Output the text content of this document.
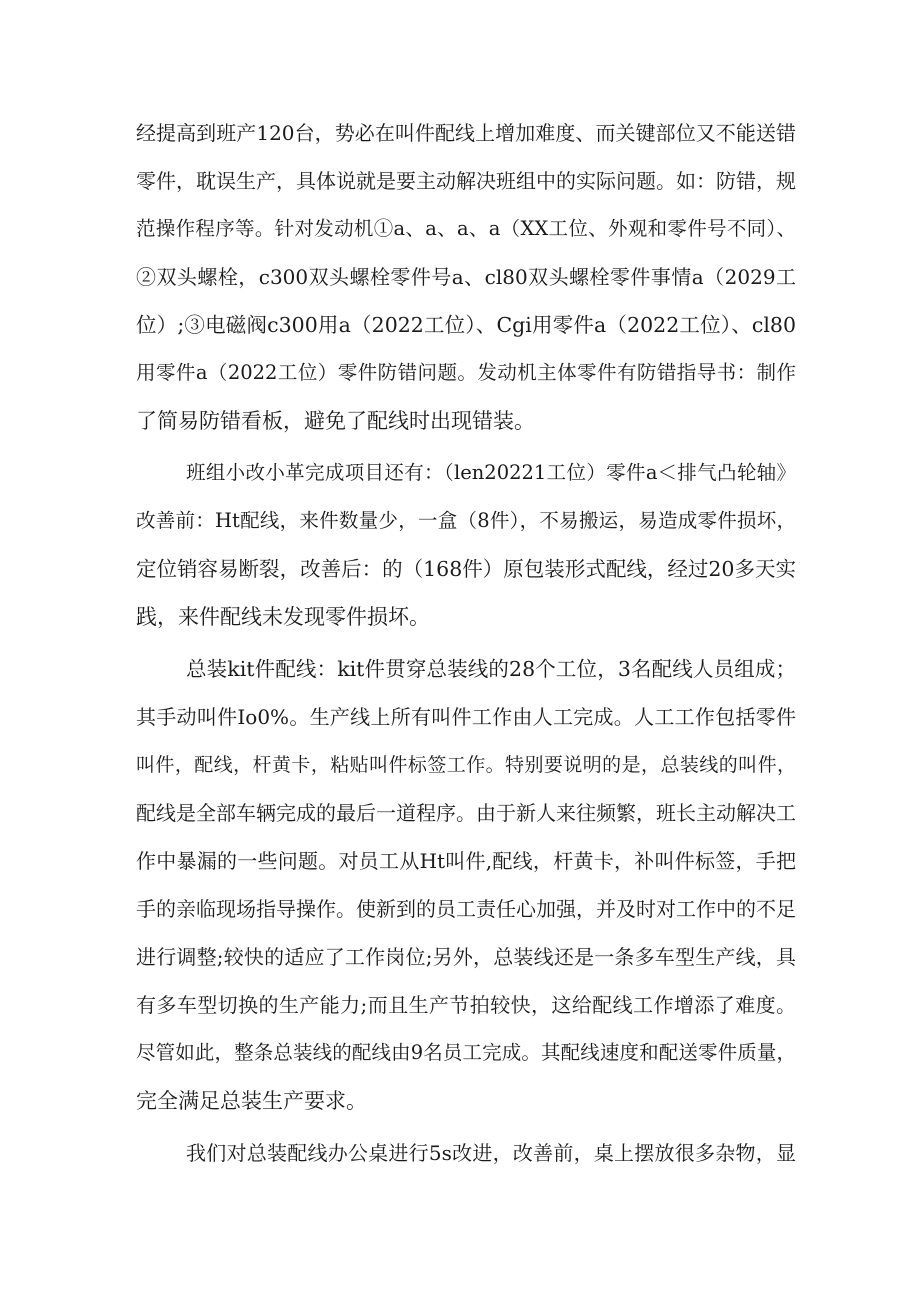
经提高到班产120台，势必在叫件配线上增加难度、而关键部位又不能送错
零件，耽误生产，具体说就是要主动解决班组中的实际问题。如：防错，规
范操作程序等。针对发动机①a、a、a、a（XX工位、外观和零件号不同）、
②双头螺栓，c300双头螺栓零件号a、cl80双头螺栓零件事情a（2029工
位）;③电磁阀c300用a（2022工位）、Cgi用零件a（2022工位）、cl80
用零件a（2022工位）零件防错问题。发动机主体零件有防错指导书：制作
了简易防错看板，避免了配线时出现错装。
班组小改小革完成项目还有：（len20221工位）零件a＜排气凸轮轴》
改善前：Ht配线，来件数量少，一盒（8件），不易搬运，易造成零件损坏，
定位销容易断裂，改善后：的（168件）原包装形式配线，经过20多天实
践，来件配线未发现零件损坏。
总装kit件配线：kit件贯穿总装线的28个工位，3名配线人员组成；
其手动叫件Io0%。生产线上所有叫件工作由人工完成。人工工作包括零件
叫件，配线，杆黄卡，粘贴叫件标签工作。特别要说明的是，总装线的叫件，
配线是全部车辆完成的最后一道程序。由于新人来往频繁，班长主动解决工
作中暴漏的一些问题。对员工从Ht叫件,配线，杆黄卡，补叫件标签，手把
手的亲临现场指导操作。使新到的员工责任心加强，并及时对工作中的不足
进行调整;较快的适应了工作岗位;另外，总装线还是一条多车型生产线，具
有多车型切换的生产能力;而且生产节拍较快，这给配线工作增添了难度。
尽管如此，整条总装线的配线由9名员工完成。其配线速度和配送零件质量，
完全满足总装生产要求。
我们对总装配线办公桌进行5s改进，改善前，桌上摆放很多杂物，显
